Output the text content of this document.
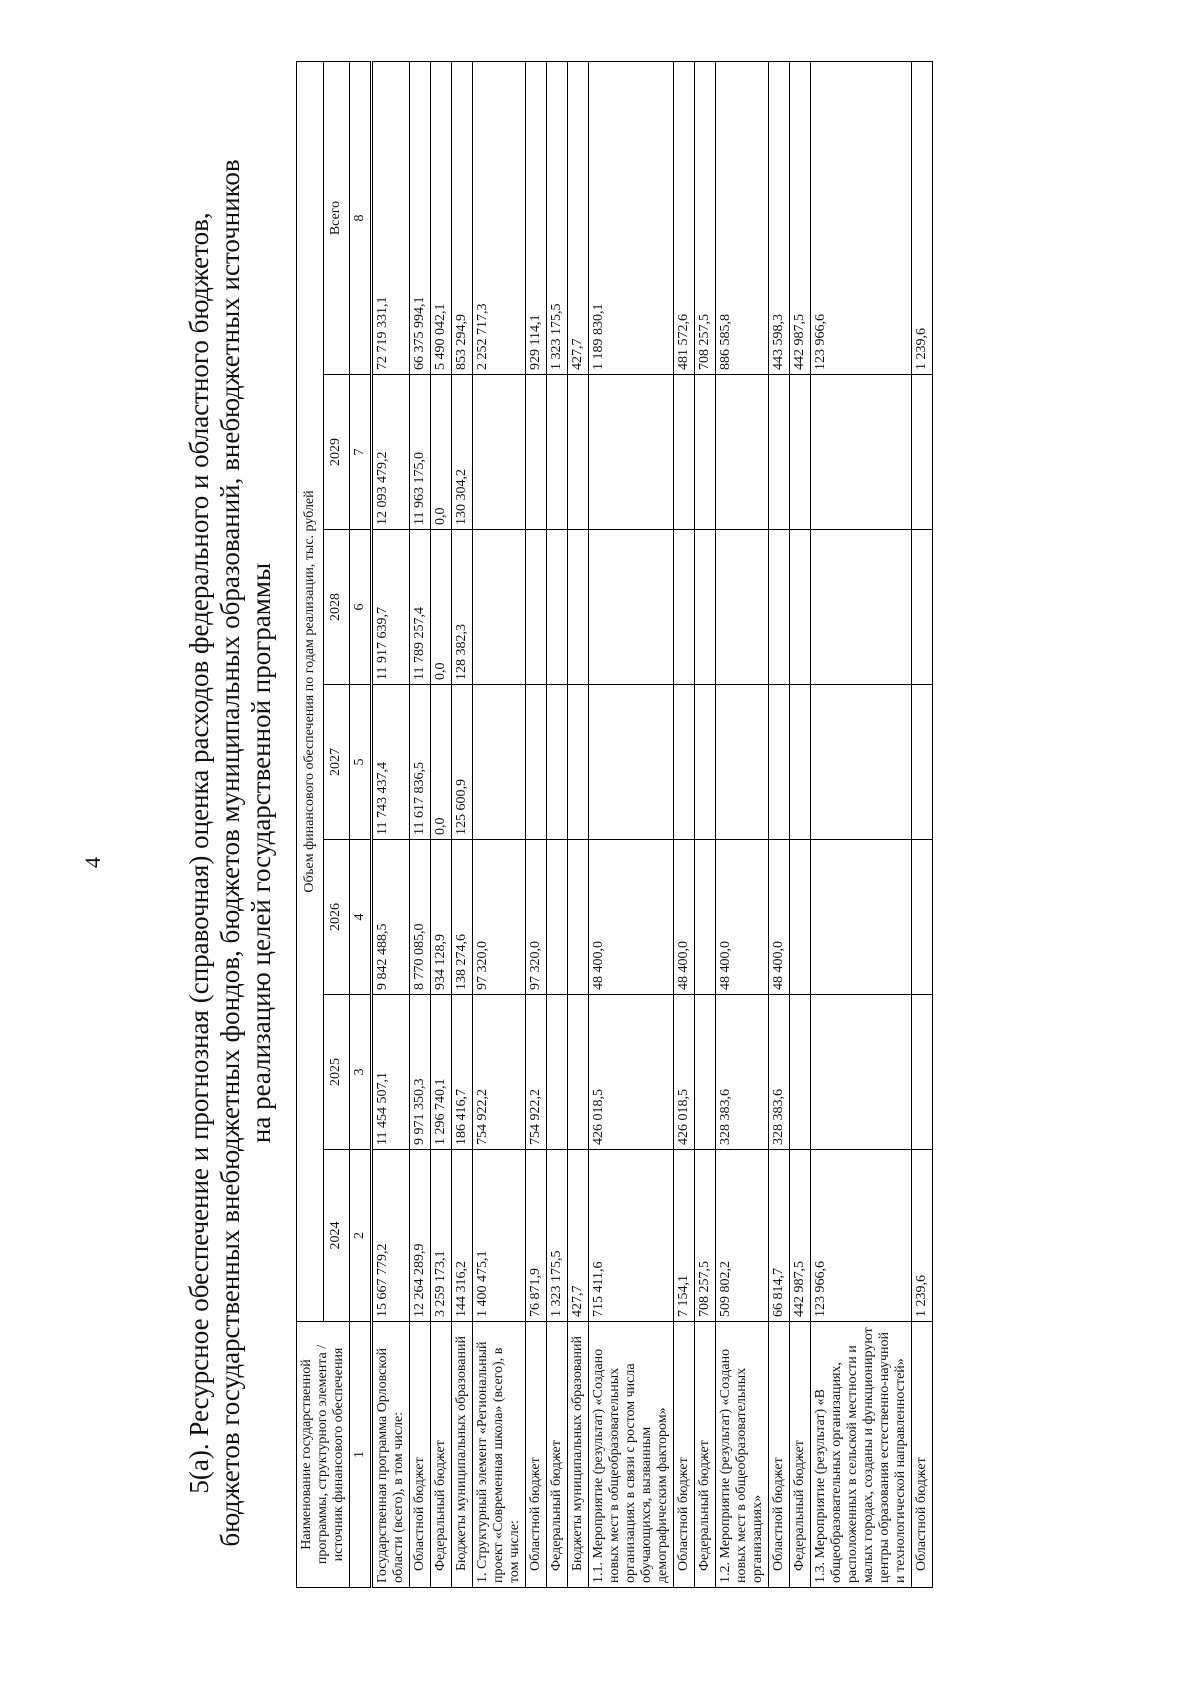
4	5(а). Ресурсное обеспечение и прогнозная (справочная) оценка расходов федерального и областного бюджетов, бюджетов государственных внебюджетных фондов, бюджетов муниципальных образований, внебюджетных источников на реализацию целей государственной программы
Наименование государственной программы, структурного элемента / источник финансового обеспечения	Объем финансового обеспечения по годам реализации, тыс. рублей						
	2024	2025	2026	2027	2028	2029	Всего
1	2	3	4	5	6	7	8
Государственная программа Орловской области (всего), в том числе:	15 667 779,2	11 454 507,1	9 842 488,5	11 743 437,4	11 917 639,7	12 093 479,2	72 719 331,1
Областной бюджет	12 264 289,9	9 971 350,3	8 770 085,0	11 617 836,5	11 789 257,4	11 963 175,0	66 375 994,1
Федеральный бюджет	3 259 173,1	1 296 740,1	934 128,9	0,0	0,0	0,0	5 490 042,1
Бюджеты муниципальных образований	144 316,2	186 416,7	138 274,6	125 600,9	128 382,3	130 304,2	853 294,9
1. Структурный элемент «Региональный проект «Современная школа» (всего), в том числе:	1 400 475,1	754 922,2	97 320,0				2 252 717,3
Областной бюджет	76 871,9	754 922,2	97 320,0				929 114,1
Федеральный бюджет	1 323 175,5						1 323 175,5
Бюджеты муниципальных образований	427,7						427,7
1.1. Мероприятие (результат) «Создано новых мест в общеобразовательных организациях в связи с ростом числа обучающихся, вызванным демографическим фактором»	715 411,6	426 018,5	48 400,0				1 189 830,1
Областной бюджет	7 154,1	426 018,5	48 400,0				481 572,6
Федеральный бюджет	708 257,5						708 257,5
1.2. Мероприятие (результат) «Создано новых мест в общеобразовательных организациях»	509 802,2	328 383,6	48 400,0				886 585,8
Областной бюджет	66 814,7	328 383,6	48 400,0				443 598,3
Федеральный бюджет	442 987,5						442 987,5
1.3. Мероприятие (результат) «В общеобразовательных организациях, расположенных в сельской местности и малых городах, созданы и функционируют центры образования естественно-научной и технологической направленностей»	123 966,6						123 966,6
Областной бюджет	1 239,6						1 239,6
